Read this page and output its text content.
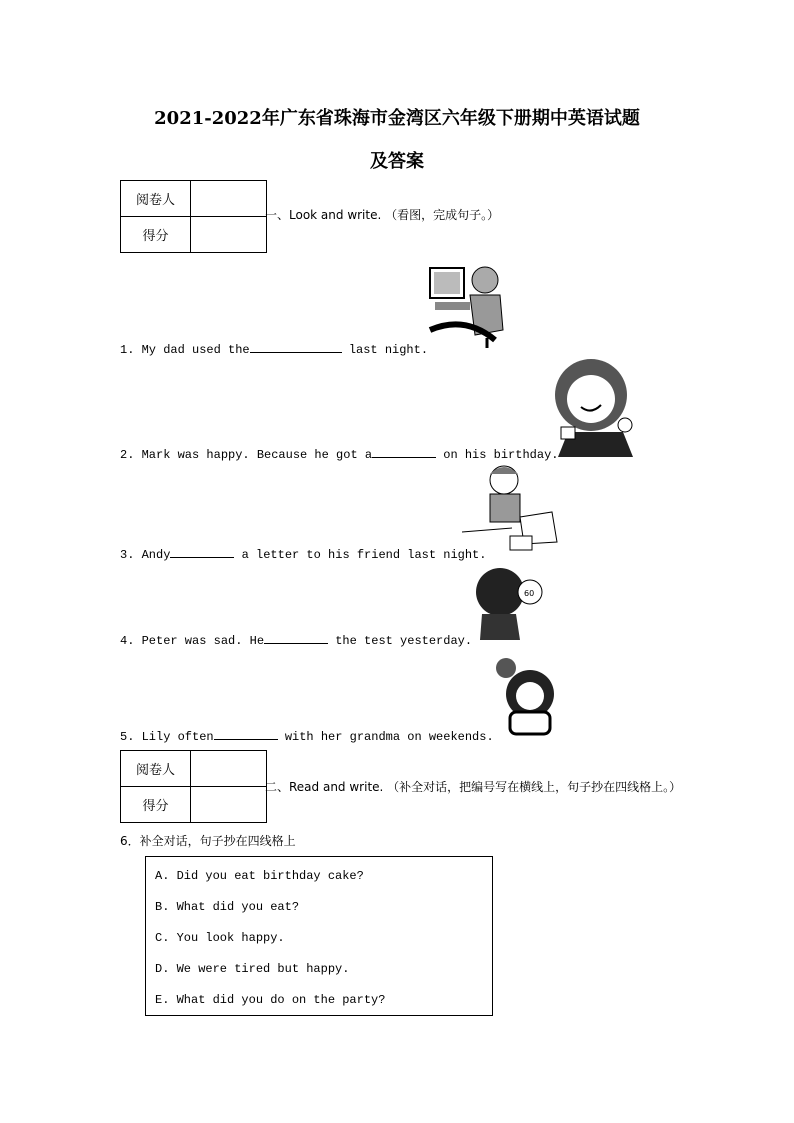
2021-2022年广东省珠海市金湾区六年级下册期中英语试题
及答案
阅卷人	
得分	
一、Look and write. （看图，完成句子。）
1. My dad used the	last night.
2. Mark was happy. Because he got a	on his birthday.
3. Andy	a letter to his friend last night.
4. Peter was sad. He	the test yesterday.
5. Lily often	with her grandma on weekends.
60
阅卷人	
得分	
二、Read and write. （补全对话，把编号写在横线上，句子抄在四线格上。）
6．补全对话，句子抄在四线格上
A. Did you eat birthday cake?
B. What did you eat?
C. You look happy.
D. We were tired but happy.
E. What did you do on the party?
